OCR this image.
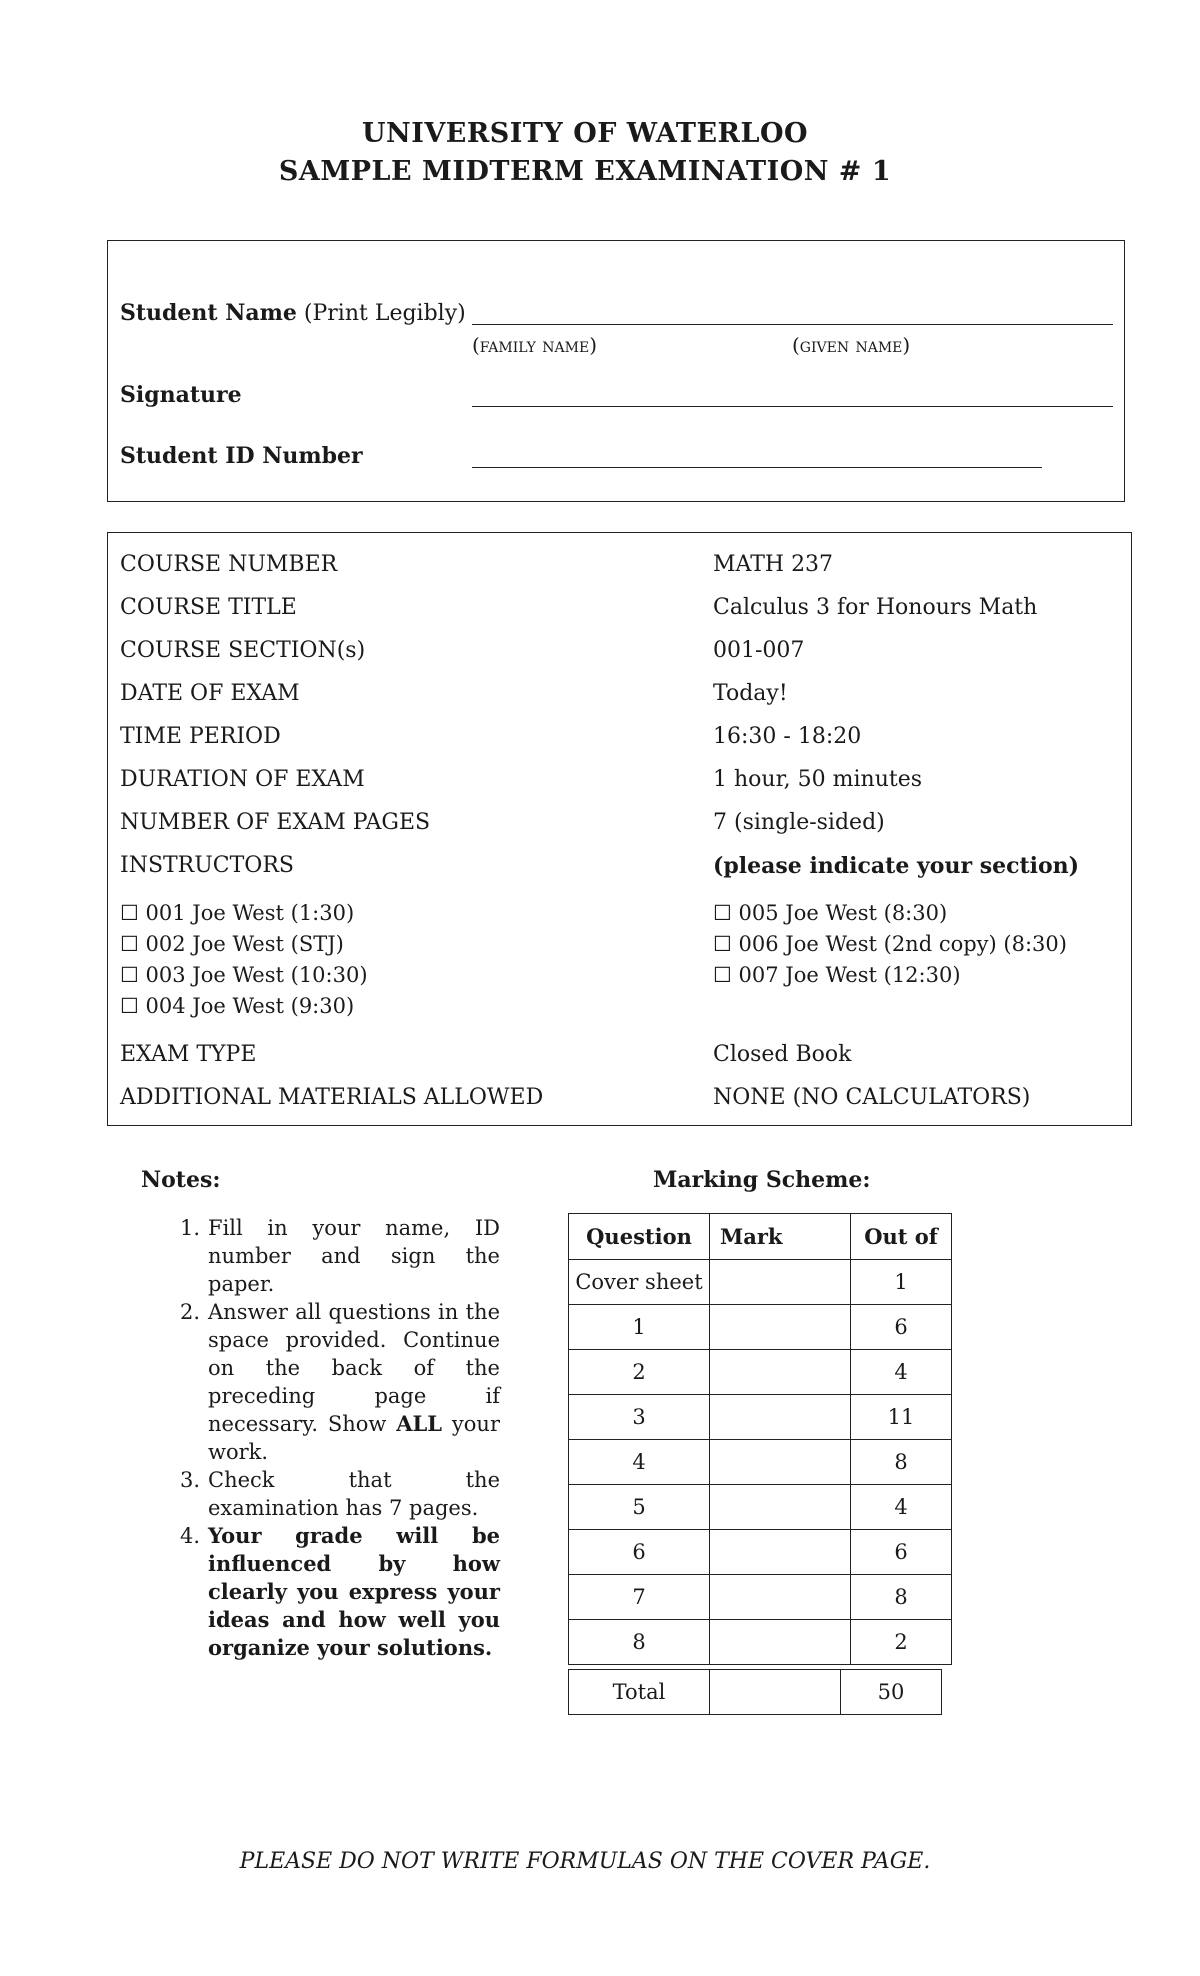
UNIVERSITY OF WATERLOO
SAMPLE MIDTERM EXAMINATION # 1
Student Name (Print Legibly)
(family name)	(given name)
Signature
Student ID Number
COURSE NUMBER	MATH 237
COURSE TITLE	Calculus 3 for Honours Math
COURSE SECTION(s)	001-007
DATE OF EXAM	Today!
TIME PERIOD	16:30 - 18:20
DURATION OF EXAM	1 hour, 50 minutes
NUMBER OF EXAM PAGES	7 (single-sided)
INSTRUCTORS	(please indicate your section)
☐ 001 Joe West (1:30)
☐ 002 Joe West (STJ)
☐ 003 Joe West (10:30)
☐ 004 Joe West (9:30)
☐ 005 Joe West (8:30)
☐ 006 Joe West (2nd copy) (8:30)
☐ 007 Joe West (12:30)
EXAM TYPE	Closed Book
ADDITIONAL MATERIALS ALLOWED	NONE (NO CALCULATORS)
Notes:
1. Fill in your name, ID number and sign the paper.
2. Answer all questions in the space provided. Continue on the back of the preceding page if necessary. Show ALL your work.
3. Check that the examination has 7 pages.
4. Your grade will be influenced by how clearly you express your ideas and how well you organize your solutions.
Marking Scheme:
Question	Mark	Out of
Cover sheet		1
1		6
2		4
3		11
4		8
5		4
6		6
7		8
8		2
Total		50
PLEASE DO NOT WRITE FORMULAS ON THE COVER PAGE.
